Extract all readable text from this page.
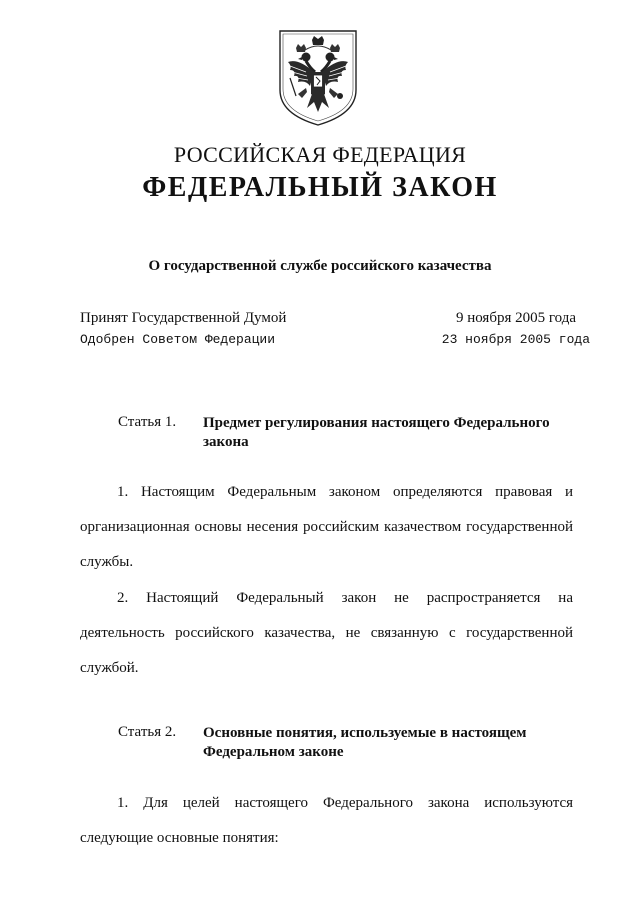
РОССИЙСКАЯ ФЕДЕРАЦИЯ
ФЕДЕРАЛЬНЫЙ ЗАКОН
О государственной службе российского казачества
Принят Государственной Думой	9 ноября 2005 года
Одобрен Советом Федерации	23 ноября 2005 года
Статья 1. Предмет регулирования настоящего Федерального закона
1. Настоящим Федеральным законом определяются правовая и организационная основы несения российским казачеством государственной службы.
2. Настоящий Федеральный закон не распространяется на деятельность российского казачества, не связанную с государственной службой.
Статья 2. Основные понятия, используемые в настоящем Федеральном законе
1. Для целей настоящего Федерального закона используются следующие основные понятия:
